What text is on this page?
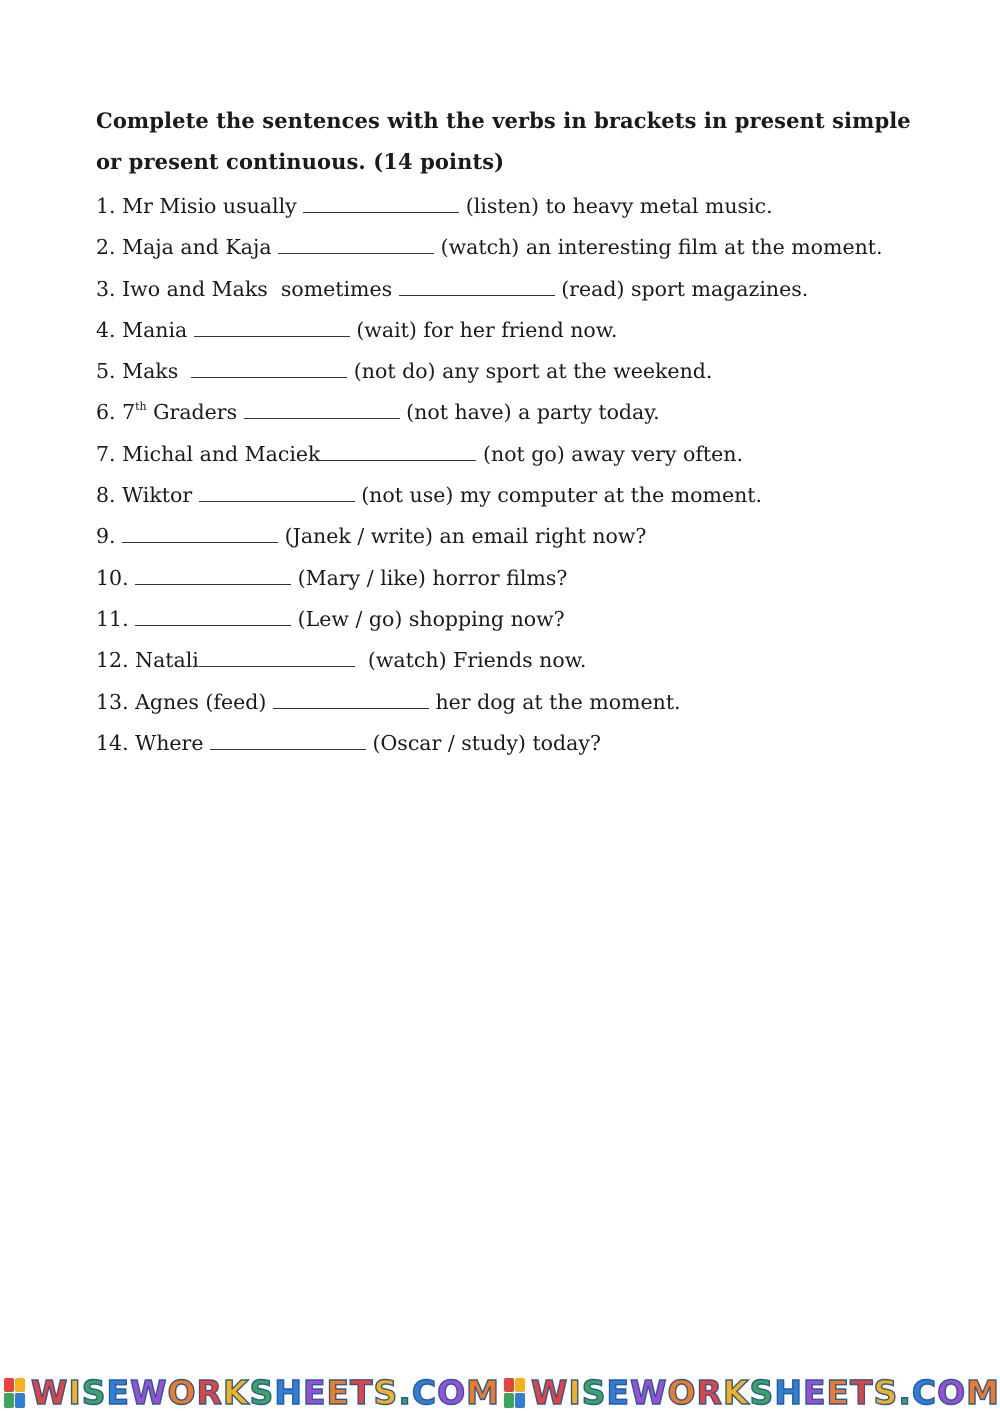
Complete the sentences with the verbs in brackets in present simple or present continuous. (14 points)

1. Mr Misio usually	(listen) to heavy metal music.
2. Maja and Kaja	(watch) an interesting film at the moment.
3. Iwo and Maks  sometimes	(read) sport magazines.
4. Mania	(wait) for her friend now.
5. Maks	(not do) any sport at the weekend.
6. 7th Graders	(not have) a party today.
7. Michal and Maciek	(not go) away very often.
8. Wiktor	(not use) my computer at the moment.
9.	(Janek / write) an email right now?
10.	(Mary / like) horror films?
11.	(Lew / go) shopping now?
12. Natali	(watch) Friends now.
13. Agnes (feed)	her dog at the moment.
14. Where	(Oscar / study) today?
WISEWORKSHEETS.COM WISEWORKSHEETS.COM
